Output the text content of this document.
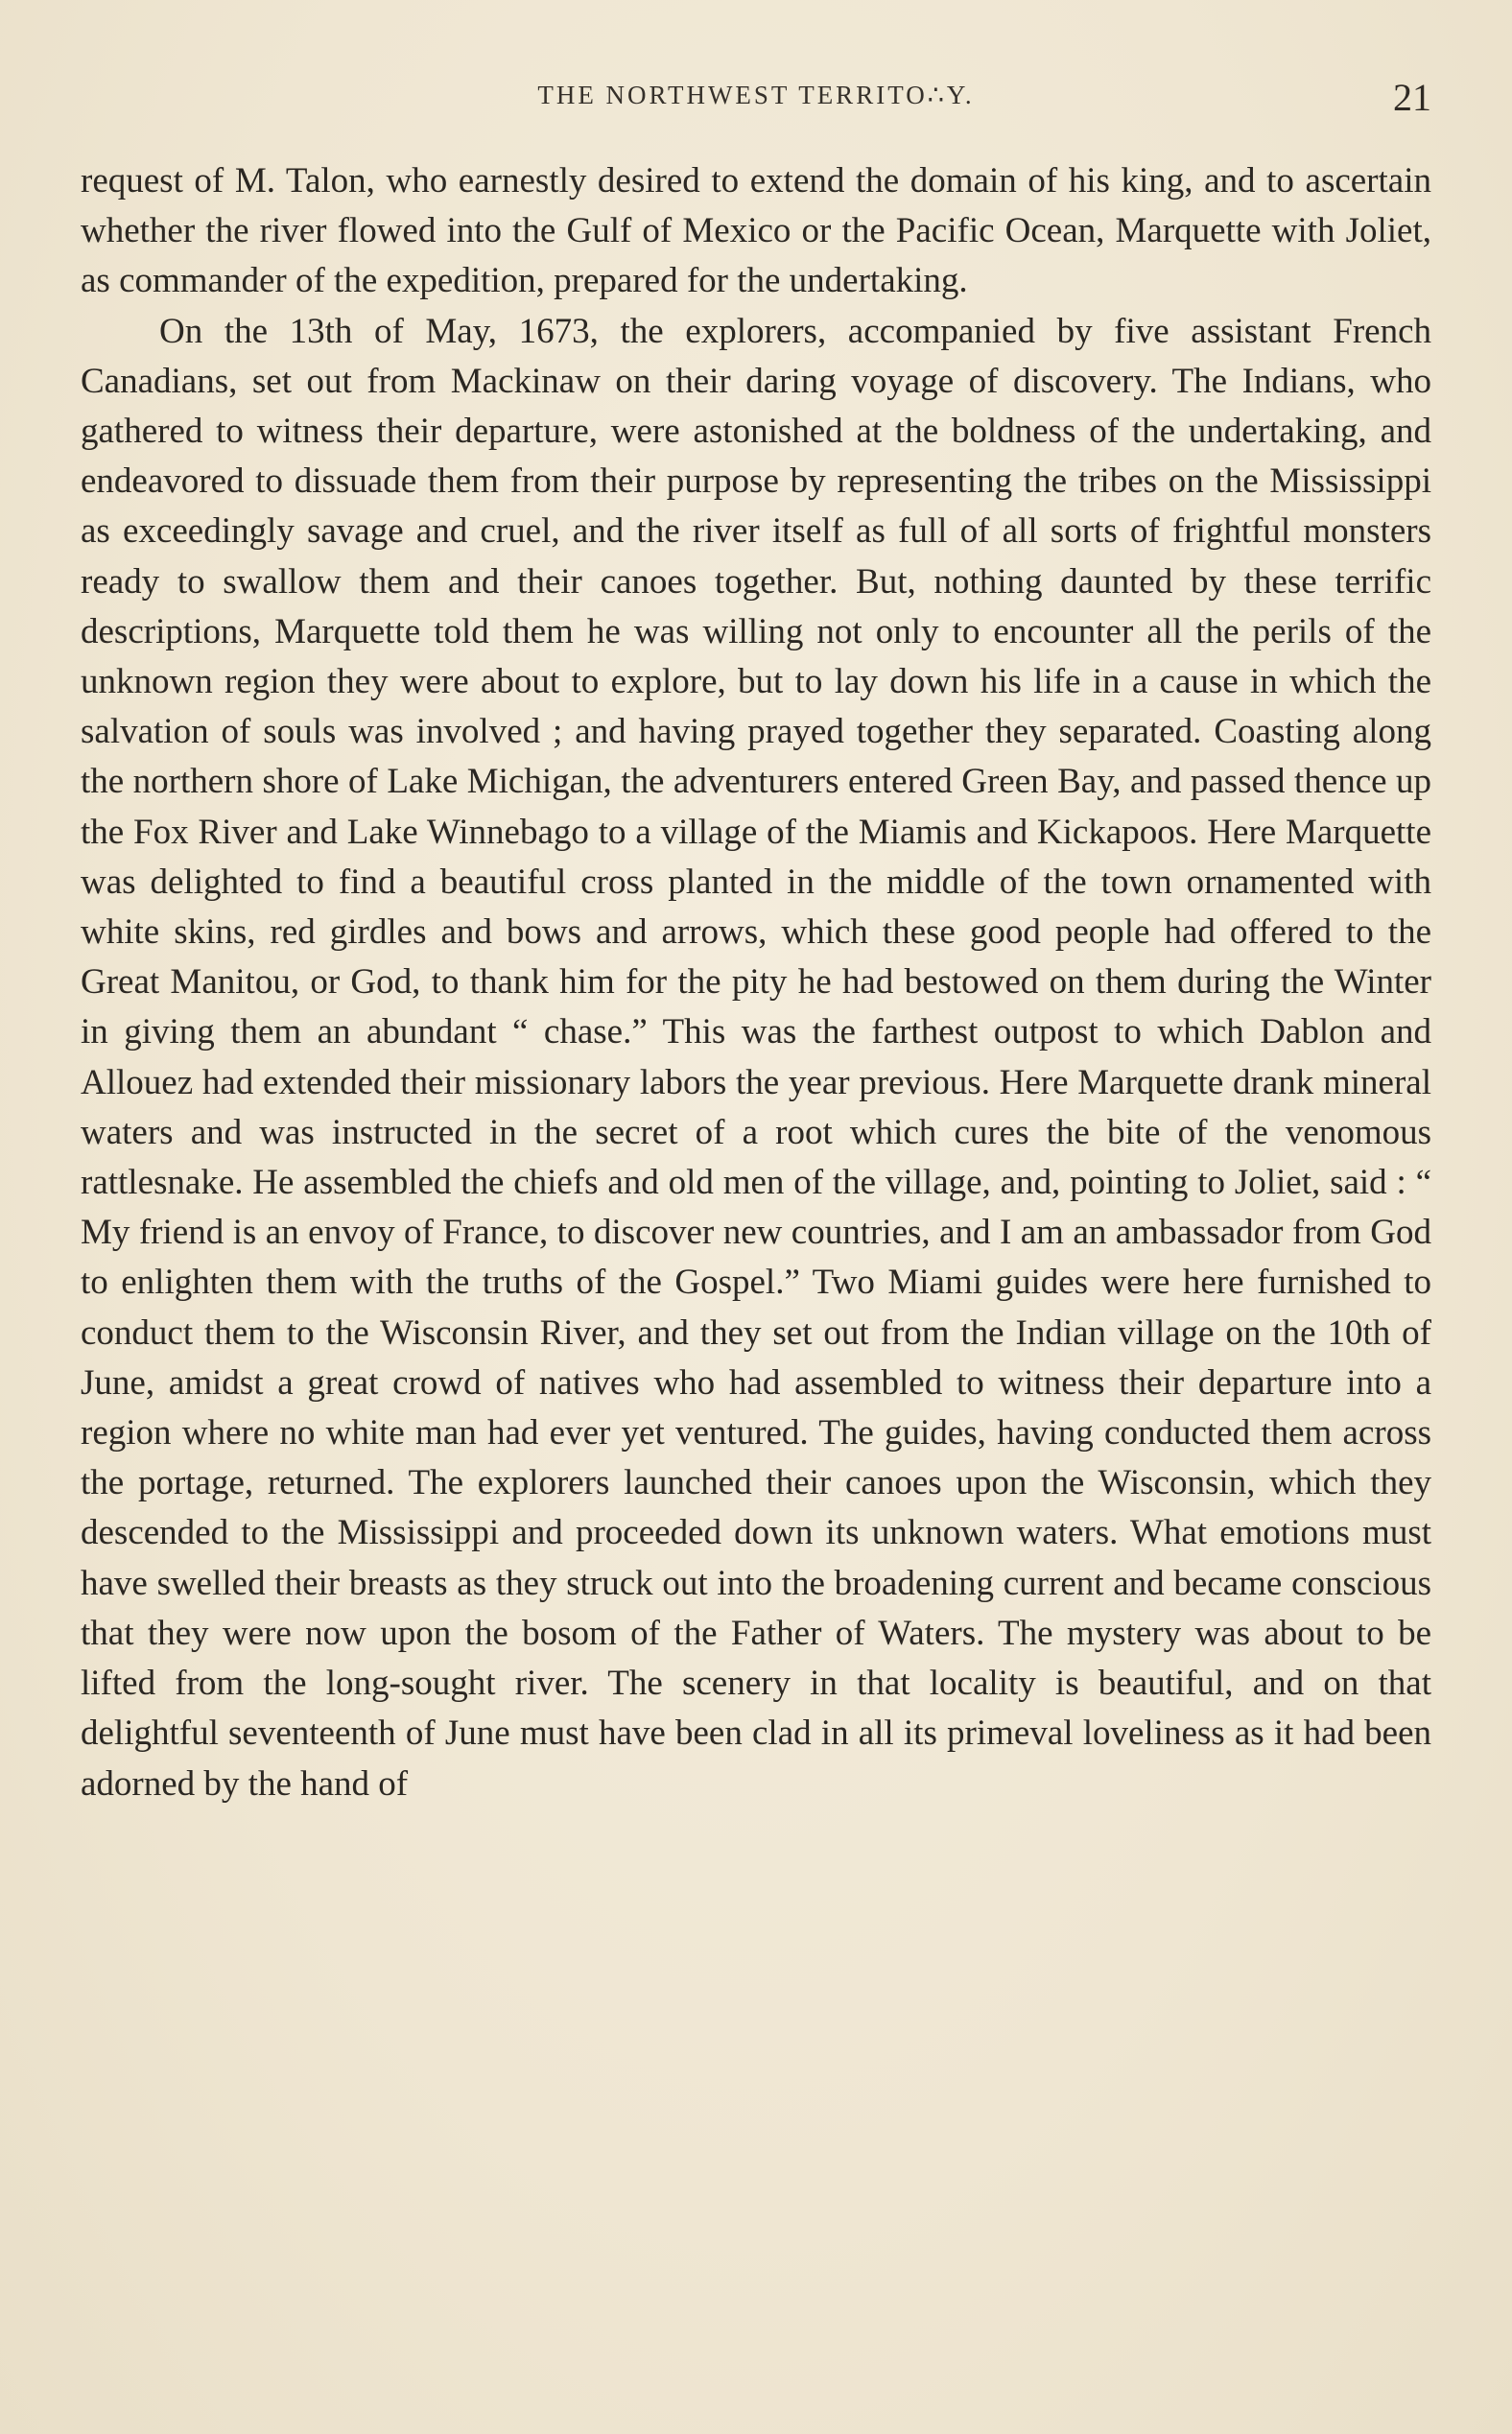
THE NORTHWEST TERRITO∴Y.	21

request of M. Talon, who earnestly desired to extend the domain of his king, and to ascertain whether the river flowed into the Gulf of Mexico or the Pacific Ocean, Marquette with Joliet, as commander of the expedition, prepared for the undertaking.

On the 13th of May, 1673, the explorers, accompanied by five assistant French Canadians, set out from Mackinaw on their daring voyage of discovery. The Indians, who gathered to witness their departure, were astonished at the boldness of the undertaking, and endeavored to dissuade them from their purpose by representing the tribes on the Mississippi as exceedingly savage and cruel, and the river itself as full of all sorts of frightful monsters ready to swallow them and their canoes together. But, nothing daunted by these terrific descriptions, Marquette told them he was willing not only to encounter all the perils of the unknown region they were about to explore, but to lay down his life in a cause in which the salvation of souls was involved ; and having prayed together they separated. Coasting along the northern shore of Lake Michigan, the adventurers entered Green Bay, and passed thence up the Fox River and Lake Winnebago to a village of the Miamis and Kickapoos. Here Marquette was delighted to find a beautiful cross planted in the middle of the town ornamented with white skins, red girdles and bows and arrows, which these good people had offered to the Great Manitou, or God, to thank him for the pity he had bestowed on them during the Winter in giving them an abundant “ chase.” This was the farthest outpost to which Dablon and Allouez had extended their missionary labors the year previous. Here Marquette drank mineral waters and was instructed in the secret of a root which cures the bite of the venomous rattlesnake. He assembled the chiefs and old men of the village, and, pointing to Joliet, said : “ My friend is an envoy of France, to discover new countries, and I am an ambassador from God to enlighten them with the truths of the Gospel.” Two Miami guides were here furnished to conduct them to the Wisconsin River, and they set out from the Indian village on the 10th of June, amidst a great crowd of natives who had assembled to witness their departure into a region where no white man had ever yet ventured. The guides, having conducted them across the portage, returned. The explorers launched their canoes upon the Wisconsin, which they descended to the Mississippi and proceeded down its unknown waters. What emotions must have swelled their breasts as they struck out into the broadening current and became conscious that they were now upon the bosom of the Father of Waters. The mystery was about to be lifted from the long-sought river. The scenery in that locality is beautiful, and on that delightful seventeenth of June must have been clad in all its primeval loveliness as it had been adorned by the hand of
